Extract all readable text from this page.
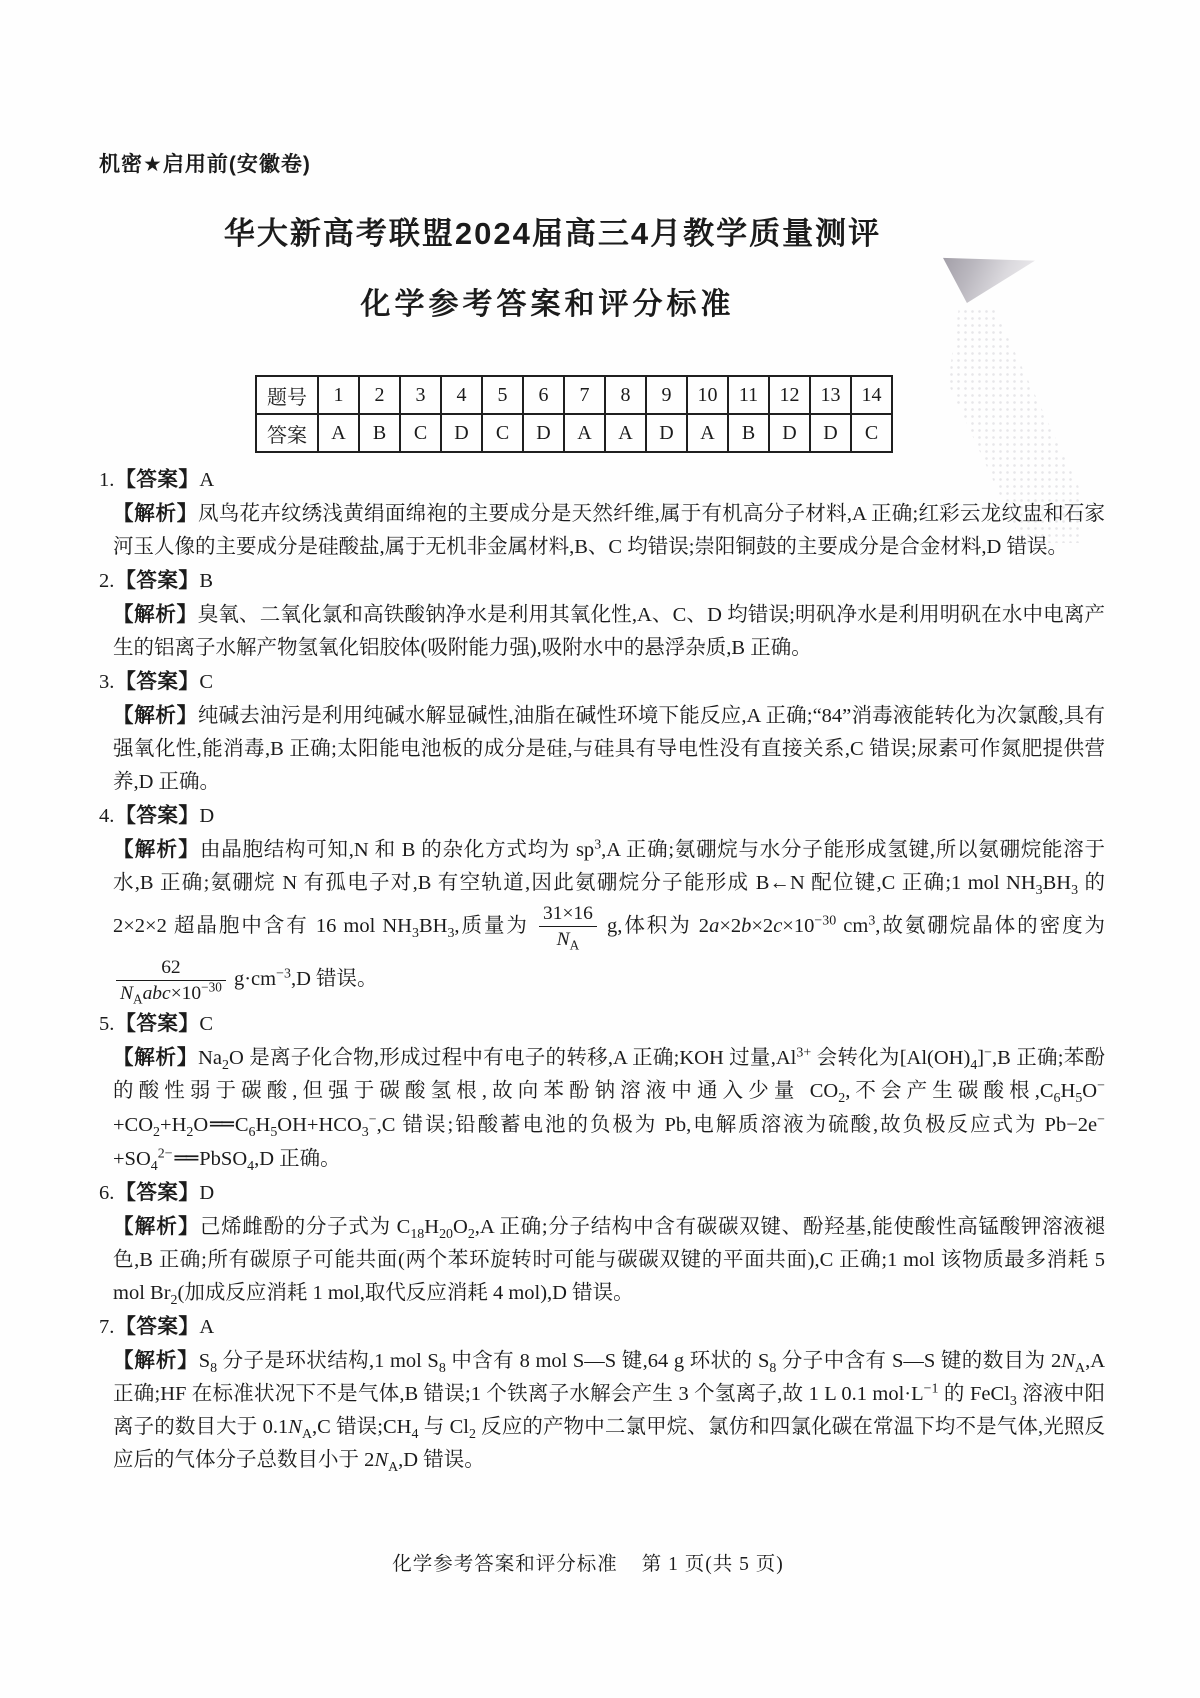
机密★启用前(安徽卷)
华大新高考联盟2024届高三4月教学质量测评
化学参考答案和评分标准
题号	1	2	3	4	5	6	7	8	9	10	11	12	13	14
答案	A	B	C	D	C	D	A	A	D	A	B	D	D	C
1.【答案】A
【解析】凤鸟花卉纹绣浅黄绢面绵袍的主要成分是天然纤维,属于有机高分子材料,A 正确;红彩云龙纹盅和石家河玉人像的主要成分是硅酸盐,属于无机非金属材料,B、C 均错误;崇阳铜鼓的主要成分是合金材料,D 错误。
2.【答案】B
【解析】臭氧、二氧化氯和高铁酸钠净水是利用其氧化性,A、C、D 均错误;明矾净水是利用明矾在水中电离产生的铝离子水解产物氢氧化铝胶体(吸附能力强),吸附水中的悬浮杂质,B 正确。
3.【答案】C
【解析】纯碱去油污是利用纯碱水解显碱性,油脂在碱性环境下能反应,A 正确;“84”消毒液能转化为次氯酸,具有强氧化性,能消毒,B 正确;太阳能电池板的成分是硅,与硅具有导电性没有直接关系,C 错误;尿素可作氮肥提供营养,D 正确。
4.【答案】D
【解析】由晶胞结构可知,N 和 B 的杂化方式均为 $sp^3,A$ 正确;氨硼烷与水分子能形成氢键,所以氨硼烷能溶于水,B 正确;氨硼烷 N 有孤电子对,B 有空轨道,因此氨硼烷分子能形成 B←N 配位键,C 正确;1 mol $NH_3BH_3$ 的 2×2×2 超晶胞中含有 16 mol $NH_3BH_3$,质量为 $\frac{31\times 16}{N_A} g$,体积为 $2a\times 2b\times 2c\times 10^{-30}$ $cm^3$,故氨硼烷晶体的密度为
$\frac{62}{N_Aabc\times 10^{-30}} g\cdot cm^{-3},D$ 错误。
5.【答案】C
【解析】$Na_2O$ 是离子化合物,形成过程中有电子的转移,A 正确;KOH 过量$,Al^{3+}$ 会转化为$[Al(OH)_4]^-,B$ 正确;苯酚的酸性弱于碳酸,但强于碳酸氢根,故向苯酚钠溶液中通入少量 $CO_2$,不会产生碳酸根$,C_6H_5O^-+CO_2+H_2O══C_6H_5OH+HCO_3^-,C$ 错误;铅酸蓄电池的负极为 Pb,电解质溶液为硫酸,故负极反应式为 $Pb-2e^-+SO_4^{2-}══PbSO_4,D$ 正确。
6.【答案】D
【解析】己烯雌酚的分子式为 $C_{18}H_{20}O_2,A$ 正确;分子结构中含有碳碳双键、酚羟基,能使酸性高锰酸钾溶液褪色,B 正确;所有碳原子可能共面(两个苯环旋转时可能与碳碳双键的平面共面),C 正确;1 mol 该物质最多消耗 5 mol $Br_2$(加成反应消耗 1 mol,取代反应消耗 4 mol),D 错误。
7.【答案】A
【解析】$S_8$ 分子是环状结构,1 mol $S_8$ 中含有 8 mol S—S 键,64 g 环状的 $S_8$ 分子中含有 S—S 键的数目为 $2N_A,A$ 正确;HF 在标准状况下不是气体,B 错误;1 个铁离子水解会产生 3 个氢离子,故 1 L 0.1 $mol\cdot L^{-1}$ 的 FeCl$_3$ 溶液中阳离子的数目大于 $0.1N_A,C$ 错误$;CH_4$ 与 $Cl_2$ 反应的产物中二氯甲烷、氯仿和四氯化碳在常温下均不是气体,光照反应后的气体分子总数目小于 $2N_A,D$ 错误。
化学参考答案和评分标准 第 1 页(共 5 页)
